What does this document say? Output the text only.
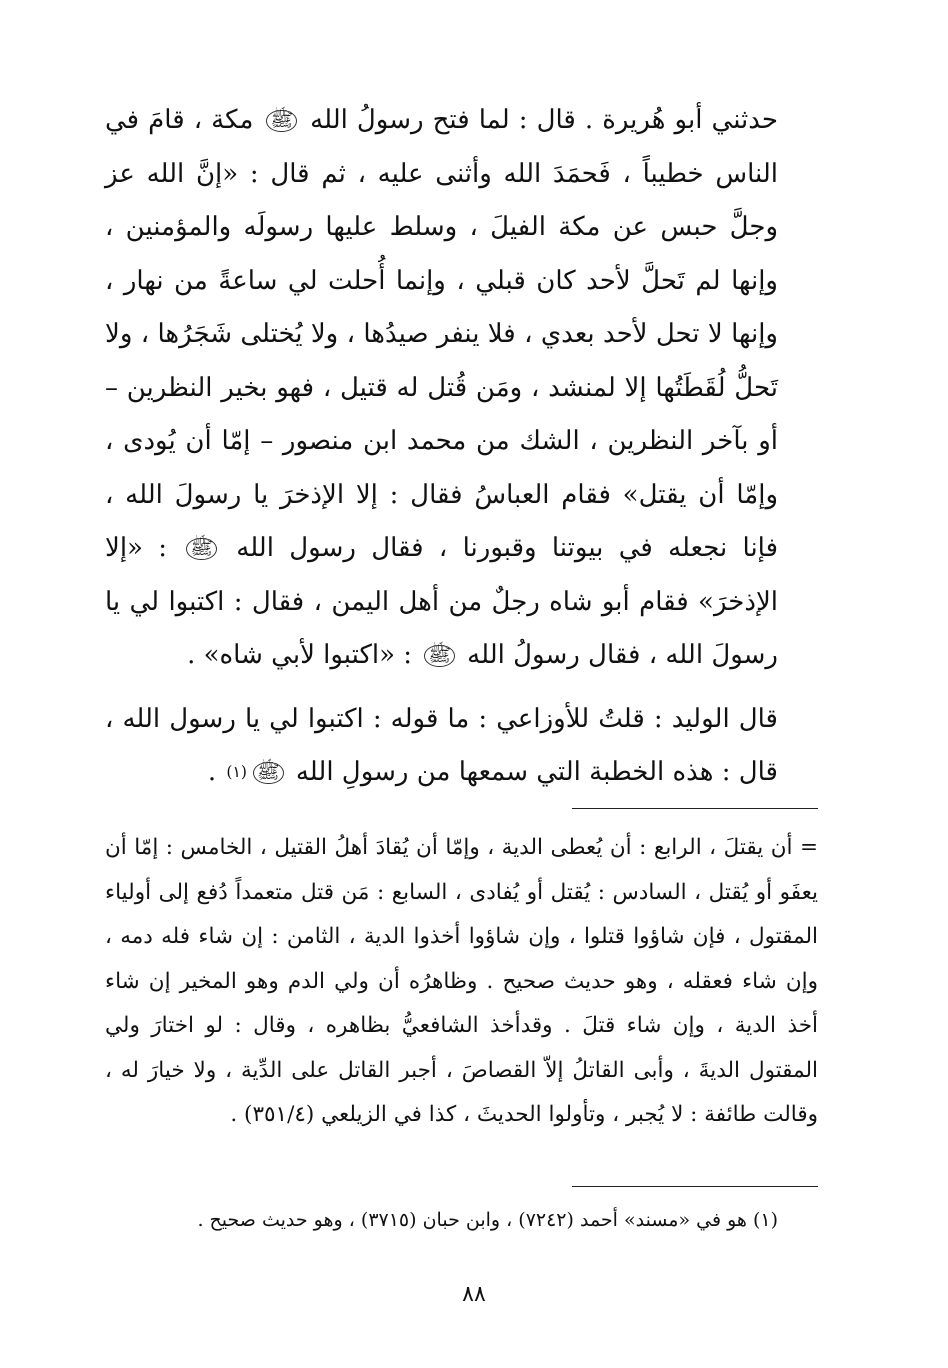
حدثني أبو هُريرة . قال : لما فتح رسولُ الله ﷺ مكة ، قامَ في الناس خطيباً ، فَحمَدَ الله وأثنى عليه ، ثم قال : «إنَّ الله عز وجلَّ حبس عن مكة الفيلَ ، وسلط عليها رسولَه والمؤمنين ، وإنها لم تَحلَّ لأحد كان قبلي ، وإنما أُحلت لي ساعةً من نهار ، وإنها لا تحل لأحد بعدي ، فلا ينفر صيدُها ، ولا يُختلى شَجَرُها ، ولا تَحلُّ لُقَطَتُها إلا لمنشد ، ومَن قُتل له قتيل ، فهو بخير النظرين –أو بآخر النظرين ، الشك من محمد ابن منصور – إمّا أن يُودى ، وإمّا أن يقتل» فقام العباسُ فقال : إلا الإذخرَ يا رسولَ الله ، فإنا نجعله في بيوتنا وقبورنا ، فقال رسول الله ﷺ : «إلا الإذخرَ» فقام أبو شاه رجلٌ من أهل اليمن ، فقال : اكتبوا لي يا رسولَ الله ، فقال رسولُ الله ﷺ : «اكتبوا لأبي شاه» .

قال الوليد : قلتُ للأوزاعي : ما قوله : اكتبوا لي يا رسول الله ، قال : هذه الخطبة التي سمعها من رسولِ الله ﷺ$^{(١)}$ .

= أن يقتلَ ، الرابع : أن يُعطى الدية ، وإمّا أن يُقادَ أهلُ القتيل ، الخامس : إمّا أن يعفَو أو يُقتل ، السادس : يُقتل أو يُفادى ، السابع : مَن قتل متعمداً دُفع إلى أولياء المقتول ، فإن شاؤوا قتلوا ، وإن شاؤوا أخذوا الدية ، الثامن : إن شاء فله دمه ، وإن شاء فعقله ، وهو حديث صحيح . وظاهرُه أن ولي الدم وهو المخير إن شاء أخذ الدية ، وإن شاء قتلَ . وقدأخذ الشافعيُّ بظاهره ، وقال : لو اختارَ ولي المقتول الديةَ ، وأبى القاتلُ إلاّ القصاصَ ، أجبر القاتل على الدِّية ، ولا خيارَ له ، وقالت طائفة : لا يُجبر ، وتأولوا الحديثَ ، كذا في الزيلعي (٣٥١/٤) .

(١) هو في «مسند» أحمد (٧٢٤٢) ، وابن حبان (٣٧١٥) ، وهو حديث صحيح .

٨٨
